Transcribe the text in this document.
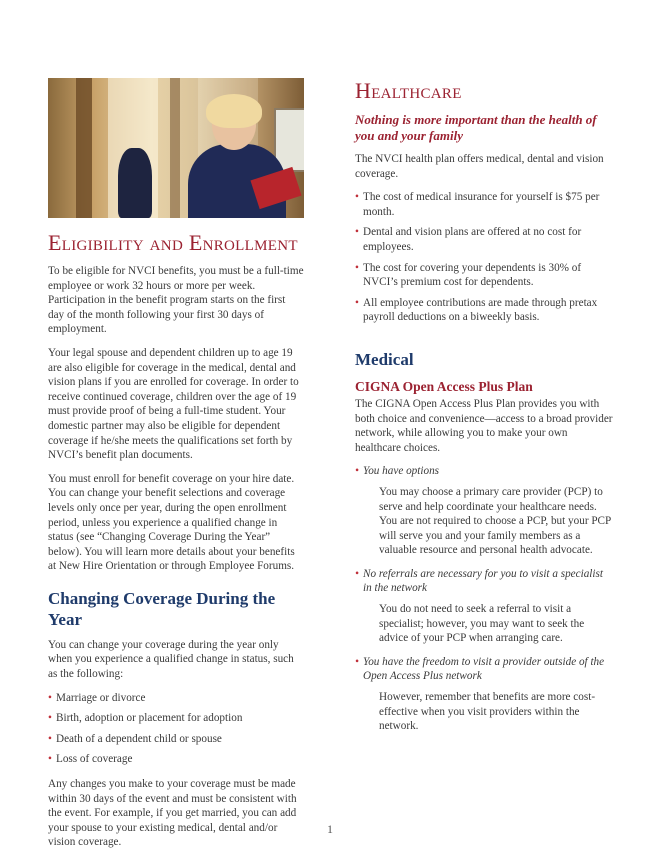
Eligibility and Enrollment

To be eligible for NVCI benefits, you must be a full-time employee or work 32 hours or more per week. Participation in the benefit program starts on the first day of the month following your first 30 days of employment.

Your legal spouse and dependent children up to age 19 are also eligible for coverage in the medical, dental and vision plans if you are enrolled for coverage. In order to receive continued coverage, children over the age of 19 must provide proof of being a full-time student. Your domestic partner may also be eligible for dependent coverage if he/she meets the qualifications set forth by NVCI’s benefit plan documents.

You must enroll for benefit coverage on your hire date. You can change your benefit selections and coverage levels only once per year, during the open enrollment period, unless you experience a qualified change in status (see “Changing Coverage During the Year” below). You will learn more details about your benefits at New Hire Orientation or through Employee Forums.

Changing Coverage During the Year

You can change your coverage during the year only when you experience a qualified change in status, such as the following:

• Marriage or divorce
• Birth, adoption or placement for adoption
• Death of a dependent child or spouse
• Loss of coverage

Any changes you make to your coverage must be made within 30 days of the event and must be consistent with the event. For example, if you get married, you can add your spouse to your existing medical, dental and/or vision coverage.

Healthcare
Nothing is more important than the health of you and your family

The NVCI health plan offers medical, dental and vision coverage.

• The cost of medical insurance for yourself is $75 per month.
• Dental and vision plans are offered at no cost for employees.
• The cost for covering your dependents is 30% of NVCI’s premium cost for dependents.
• All employee contributions are made through pretax payroll deductions on a biweekly basis.
Medical
CIGNA Open Access Plus Plan

The CIGNA Open Access Plus Plan provides you with both choice and convenience—access to a broad provider network, while allowing you to make your own healthcare choices.

• You have options
You may choose a primary care provider (PCP) to serve and help coordinate your healthcare needs. You are not required to choose a PCP, but your PCP will serve you and your family members as a valuable resource and personal health advocate.
• No referrals are necessary for you to visit a specialist in the network
You do not need to seek a referral to visit a specialist; however, you may want to seek the advice of your PCP when arranging care.
• You have the freedom to visit a provider outside of the Open Access Plus network
However, remember that benefits are more cost-effective when you visit providers within the network.
1
